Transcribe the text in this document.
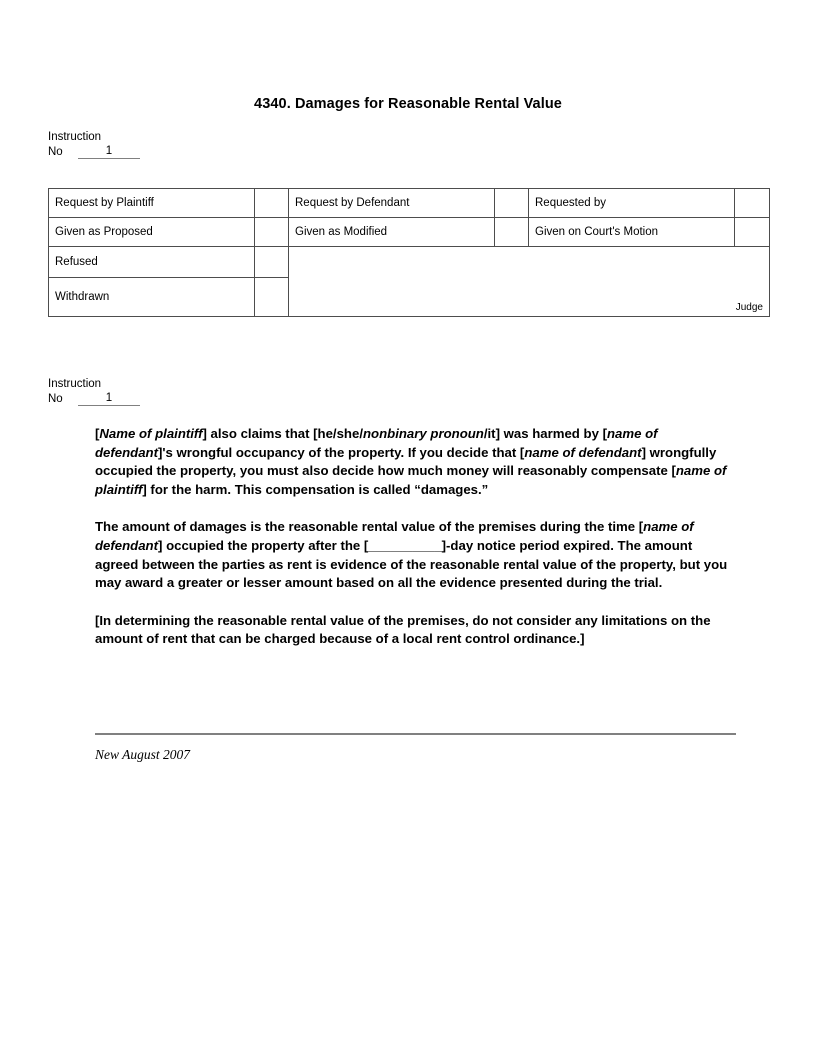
4340. Damages for Reasonable Rental Value
Instruction
No	1
Request by Plaintiff		Request by Defendant		Requested by	
Given as Proposed		Given as Modified		Given on Court's Motion	
Refused		Judge			

Withdrawn					
Instruction
No	1

[Name of plaintiff] also claims that [he/she/nonbinary pronoun/it] was harmed by [name of defendant]'s wrongful occupancy of the property. If you decide that [name of defendant] wrongfully occupied the property, you must also decide how much money will reasonably compensate [name of plaintiff] for the harm. This compensation is called “damages.”

The amount of damages is the reasonable rental value of the premises during the time [name of defendant] occupied the property after the [__________]-day notice period expired. The amount agreed between the parties as rent is evidence of the reasonable rental value of the property, but you may award a greater or lesser amount based on all the evidence presented during the trial.

[In determining the reasonable rental value of the premises, do not consider any limitations on the amount of rent that can be charged because of a local rent control ordinance.]

New August 2007
